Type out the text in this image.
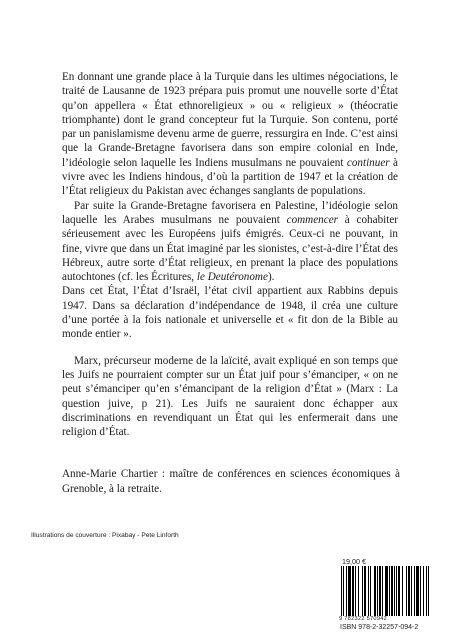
En donnant une grande place à la Turquie dans les ultimes négociations, le traité de Lausanne de 1923 prépara puis promut une nouvelle sorte d’État qu’on appellera « État ethnoreligieux » ou « religieux » (théocratie triomphante) dont le grand concepteur fut la Turquie. Son contenu, porté par un panislamisme devenu arme de guerre, ressurgira en Inde. C’est ainsi que la Grande-Bretagne favorisera dans son empire colonial en Inde, l’idéologie selon laquelle les Indiens musulmans ne pouvaient continuer à vivre avec les Indiens hindous, d’où la partition de 1947 et la création de l’État religieux du Pakistan avec échanges sanglants de populations.

Par suite la Grande-Bretagne favorisera en Palestine, l’idéologie selon laquelle les Arabes musulmans ne pouvaient commencer à cohabiter sérieusement avec les Européens juifs émigrés. Ceux-ci ne pouvant, in fine, vivre que dans un État imaginé par les sionistes, c’est-à-dire l’État des Hébreux, autre sorte d’État religieux, en prenant la place des populations autochtones (cf. les Écritures, le Deutéronome).

Dans cet État, l’État d’Israël, l’état civil appartient aux Rabbins depuis 1947. Dans sa déclaration d’indépendance de 1948, il créa une culture d’une portée à la fois nationale et universelle et « fit don de la Bible au monde entier ».

Marx, précurseur moderne de la laïcité, avait expliqué en son temps que les Juifs ne pourraient compter sur un État juif pour s’émanciper, « on ne peut s’émanciper qu’en s’émancipant de la religion d’État » (Marx : La question juive, p 21). Les Juifs ne sauraient donc échapper aux discriminations en revendiquant un État qui les enfermerait dans une religion d’État.

Anne-Marie Chartier : maître de conférences en sciences économiques à Grenoble, à la retraite.
Illustrations de couverture : Pixabay - Pete Linforth
19,00 €
9 782322 570942
ISBN 978-2-32257-094-2
